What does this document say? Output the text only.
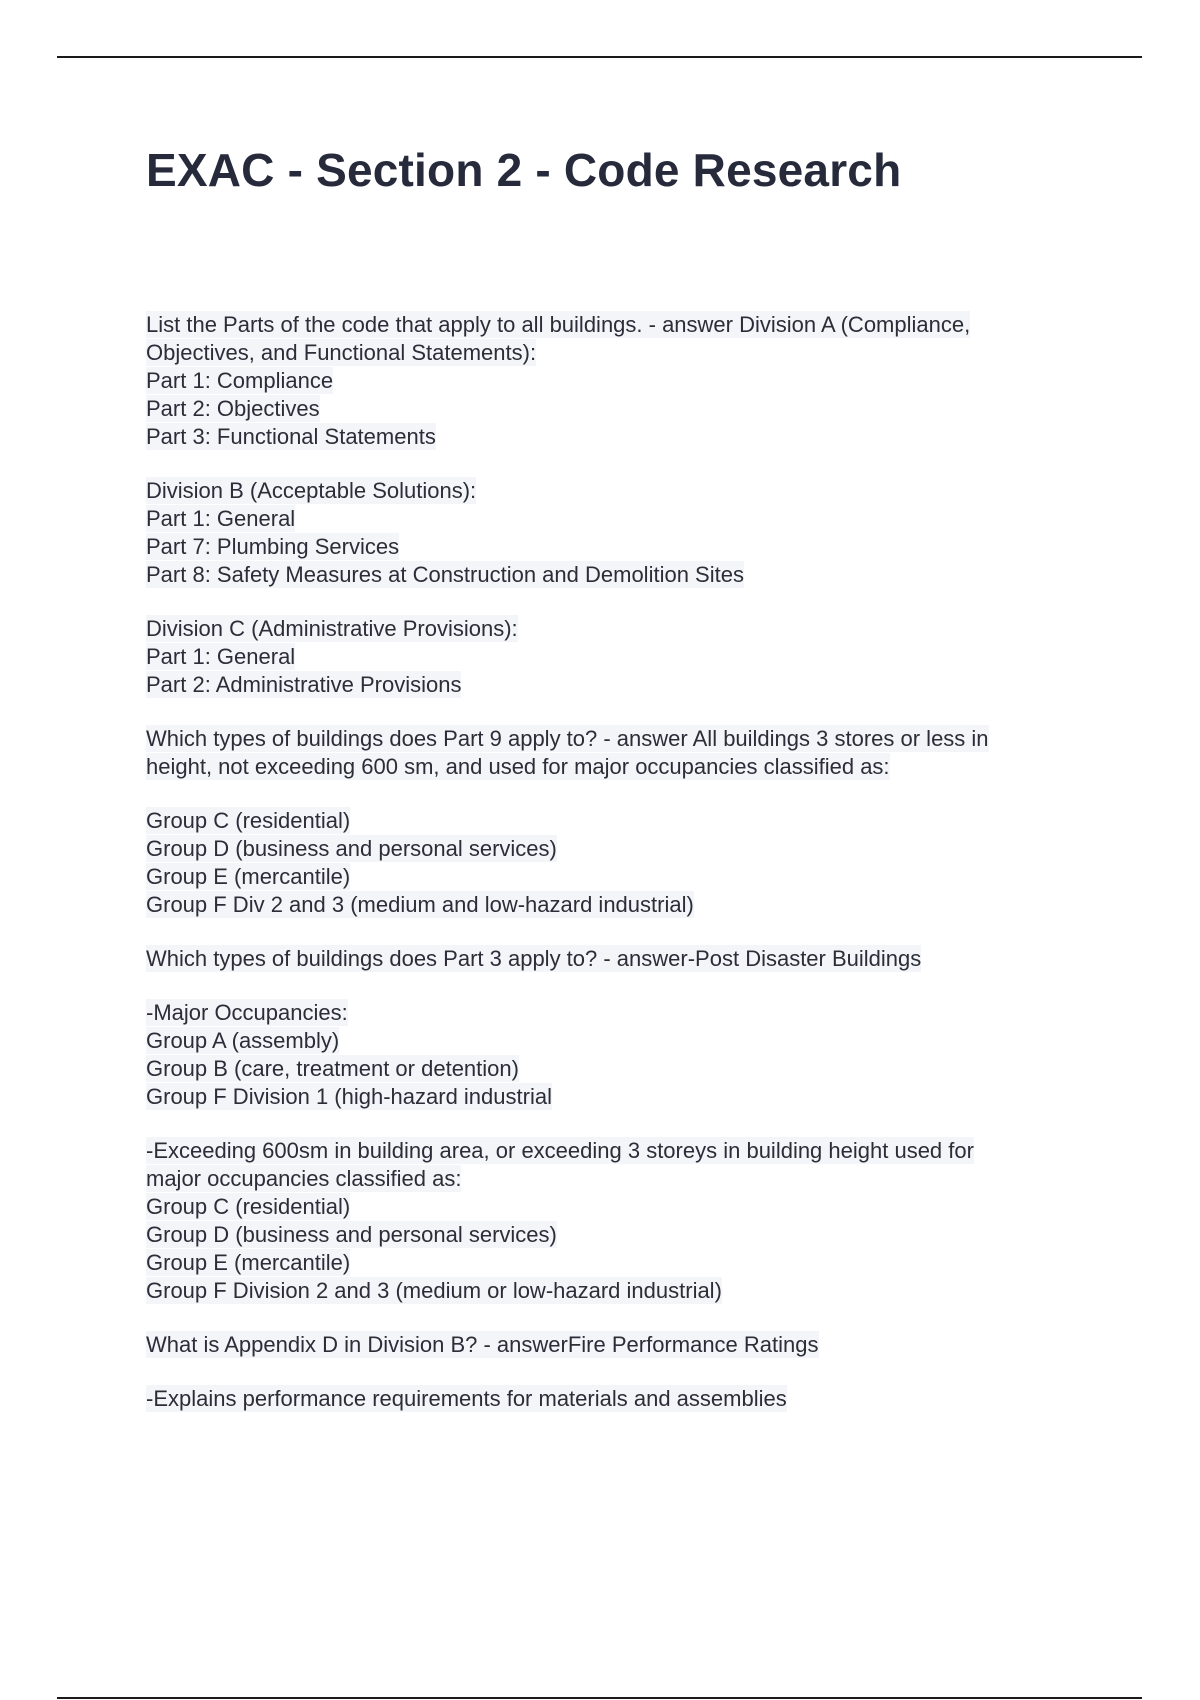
EXAC - Section 2 - Code Research
List the Parts of the code that apply to all buildings. - answer Division A (Compliance,
Objectives, and Functional Statements):
Part 1: Compliance
Part 2: Objectives
Part 3: Functional Statements
Division B (Acceptable Solutions):
Part 1: General
Part 7: Plumbing Services
Part 8: Safety Measures at Construction and Demolition Sites
Division C (Administrative Provisions):
Part 1: General
Part 2: Administrative Provisions
Which types of buildings does Part 9 apply to? - answer All buildings 3 stores or less in
height, not exceeding 600 sm, and used for major occupancies classified as:
Group C (residential)
Group D (business and personal services)
Group E (mercantile)
Group F Div 2 and 3 (medium and low-hazard industrial)
Which types of buildings does Part 3 apply to? - answer-Post Disaster Buildings
-Major Occupancies:
Group A (assembly)
Group B (care, treatment or detention)
Group F Division 1 (high-hazard industrial
-Exceeding 600sm in building area, or exceeding 3 storeys in building height used for
major occupancies classified as:
Group C (residential)
Group D (business and personal services)
Group E (mercantile)
Group F Division 2 and 3 (medium or low-hazard industrial)
What is Appendix D in Division B? - answerFire Performance Ratings
-Explains performance requirements for materials and assemblies
